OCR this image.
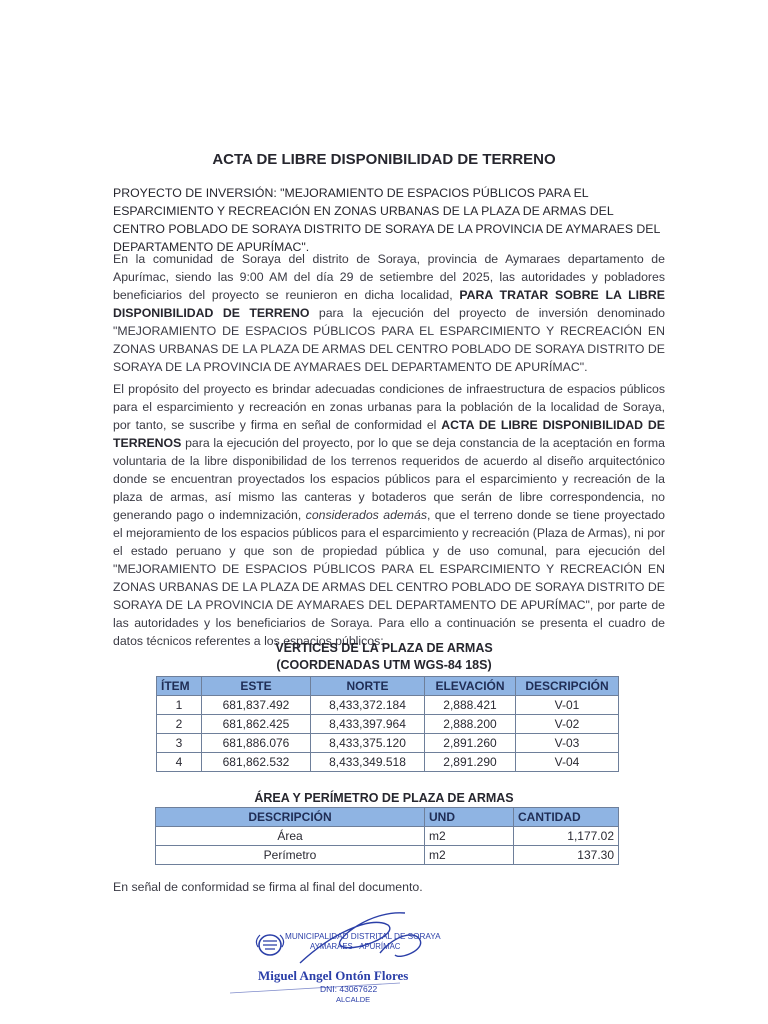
ACTA DE LIBRE DISPONIBILIDAD DE TERRENO
PROYECTO DE INVERSIÓN: "MEJORAMIENTO DE ESPACIOS PÚBLICOS PARA EL ESPARCIMIENTO Y RECREACIÓN EN ZONAS URBANAS DE LA PLAZA DE ARMAS DEL CENTRO POBLADO DE SORAYA DISTRITO DE SORAYA DE LA PROVINCIA DE AYMARAES DEL DEPARTAMENTO DE APURÍMAC".
En la comunidad de Soraya del distrito de Soraya, provincia de Aymaraes departamento de Apurímac, siendo las 9:00 AM del día 29 de setiembre del 2025, las autoridades y pobladores beneficiarios del proyecto se reunieron en dicha localidad, PARA TRATAR SOBRE LA LIBRE DISPONIBILIDAD DE TERRENO para la ejecución del proyecto de inversión denominado "MEJORAMIENTO DE ESPACIOS PÚBLICOS PARA EL ESPARCIMIENTO Y RECREACIÓN EN ZONAS URBANAS DE LA PLAZA DE ARMAS DEL CENTRO POBLADO DE SORAYA DISTRITO DE SORAYA DE LA PROVINCIA DE AYMARAES DEL DEPARTAMENTO DE APURÍMAC".
El propósito del proyecto es brindar adecuadas condiciones de infraestructura de espacios públicos para el esparcimiento y recreación en zonas urbanas para la población de la localidad de Soraya, por tanto, se suscribe y firma en señal de conformidad el ACTA DE LIBRE DISPONIBILIDAD DE TERRENOS para la ejecución del proyecto, por lo que se deja constancia de la aceptación en forma voluntaria de la libre disponibilidad de los terrenos requeridos de acuerdo al diseño arquitectónico donde se encuentran proyectados los espacios públicos para el esparcimiento y recreación de la plaza de armas, así mismo las canteras y botaderos que serán de libre correspondencia, no generando pago o indemnización, considerados además, que el terreno donde se tiene proyectado el mejoramiento de los espacios públicos para el esparcimiento y recreación (Plaza de Armas), ni por el estado peruano y que son de propiedad pública y de uso comunal, para ejecución del "MEJORAMIENTO DE ESPACIOS PÚBLICOS PARA EL ESPARCIMIENTO Y RECREACIÓN EN ZONAS URBANAS DE LA PLAZA DE ARMAS DEL CENTRO POBLADO DE SORAYA DISTRITO DE SORAYA DE LA PROVINCIA DE AYMARAES DEL DEPARTAMENTO DE APURÍMAC", por parte de las autoridades y los beneficiarios de Soraya. Para ello a continuación se presenta el cuadro de datos técnicos referentes a los espacios públicos:
VÉRTICES DE LA PLAZA DE ARMAS
(COORDENADAS UTM WGS-84 18S)
ÍTEM	ESTE	NORTE	ELEVACIÓN	DESCRIPCIÓN
1	681,837.492	8,433,372.184	2,888.421	V-01
2	681,862.425	8,433,397.964	2,888.200	V-02
3	681,886.076	8,433,375.120	2,891.260	V-03
4	681,862.532	8,433,349.518	2,891.290	V-04
ÁREA Y PERÍMETRO DE PLAZA DE ARMAS
DESCRIPCIÓN	UND	CANTIDAD
Área	m2	1,177.02
Perímetro	m2	137.30
En señal de conformidad se firma al final del documento.
MUNICIPALIDAD DISTRITAL DE SORAYA
AYMARAES - APURÍMAC
Miguel Angel Ontón Flores
DNI: 43067622
ALCALDE
